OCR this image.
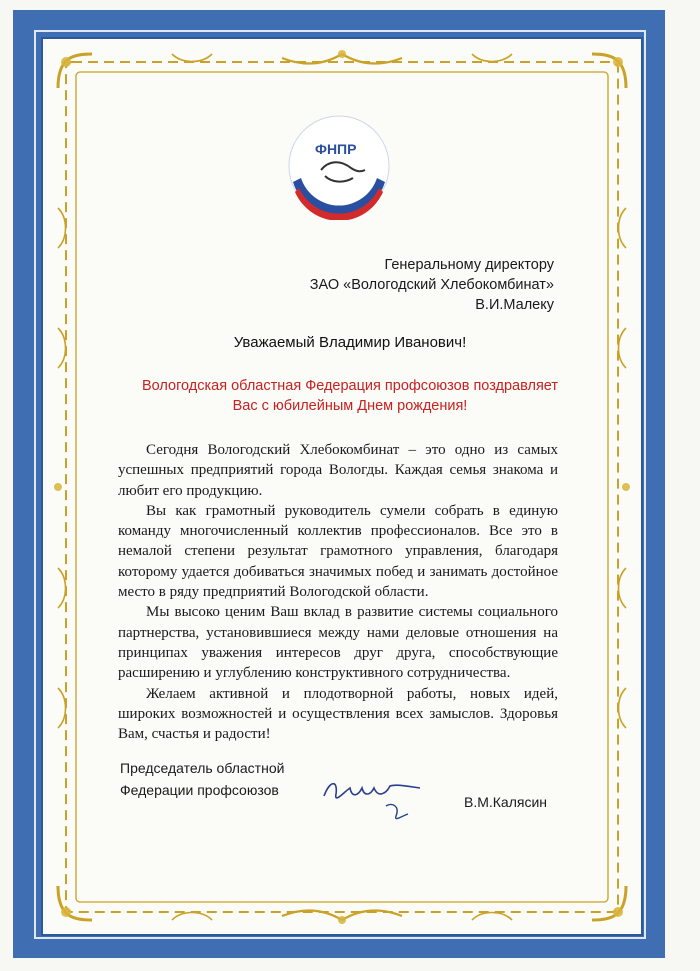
ФНПР
Генеральному директору
ЗАО «Вологодский Хлебокомбинат»
В.И.Малеку
Уважаемый Владимир Иванович!
Вологодская областная Федерация профсоюзов поздравляет
Вас с юбилейным Днем рождения!

Сегодня Вологодский Хлебокомбинат – это одно из самых успешных предприятий города Вологды. Каждая семья знакома и любит его продукцию.

Вы как грамотный руководитель сумели собрать в единую команду многочисленный коллектив профессионалов. Все это в немалой степени результат грамотного управления, благодаря которому удается добиваться значимых побед и занимать достойное место в ряду предприятий Вологодской области.

Мы высоко ценим Ваш вклад в развитие системы социального партнерства, установившиеся между нами деловые отношения на принципах уважения интересов друг друга, способствующие расширению и углублению конструктивного сотрудничества.

Желаем активной и плодотворной работы, новых идей, широких возможностей и осуществления всех замыслов. Здоровья Вам, счастья и радости!

Председатель областной
Федерации профсоюзов
В.М.Калясин
